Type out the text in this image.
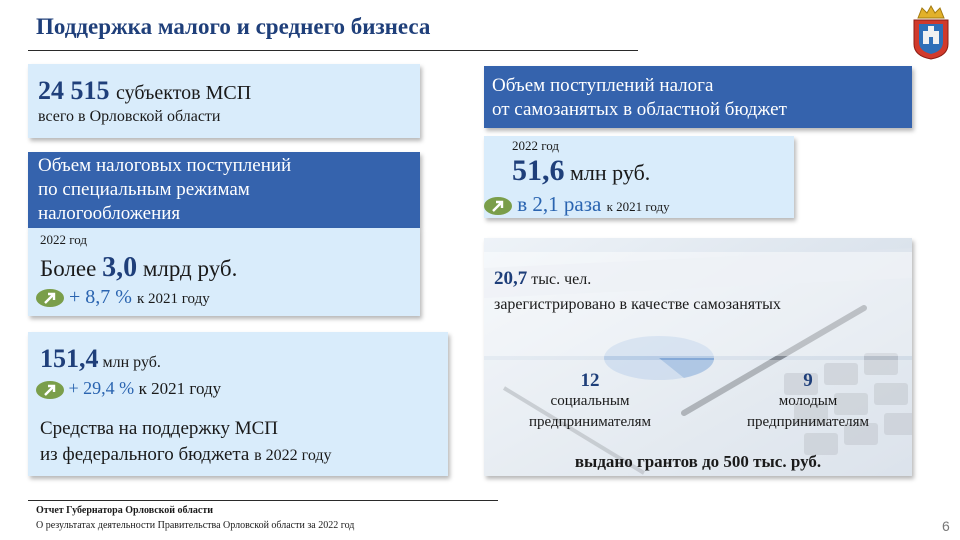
Поддержка малого и среднего бизнеса
24 515 субъектов МСП
всего в Орловской области
Объем налоговых поступлений
по специальным режимам
налогообложения
2022 год
Более 3,0 млрд руб.
+ 8,7 % к 2021 году
151,4 млн руб.
+ 29,4 % к 2021 году
Средства на поддержку МСП
из федерального бюджета в 2022 году
Объем поступлений налога
от самозанятых в областной бюджет
2022 год
51,6 млн руб.
в 2,1 раза к 2021 году
20,7 тыс. чел.
зарегистрировано в качестве самозанятых
12
социальным
предпринимателям
9
молодым
предпринимателям
выдано грантов до 500 тыс. руб.
Отчет Губернатора Орловской области
О результатах деятельности Правительства Орловской области за 2022 год	6
